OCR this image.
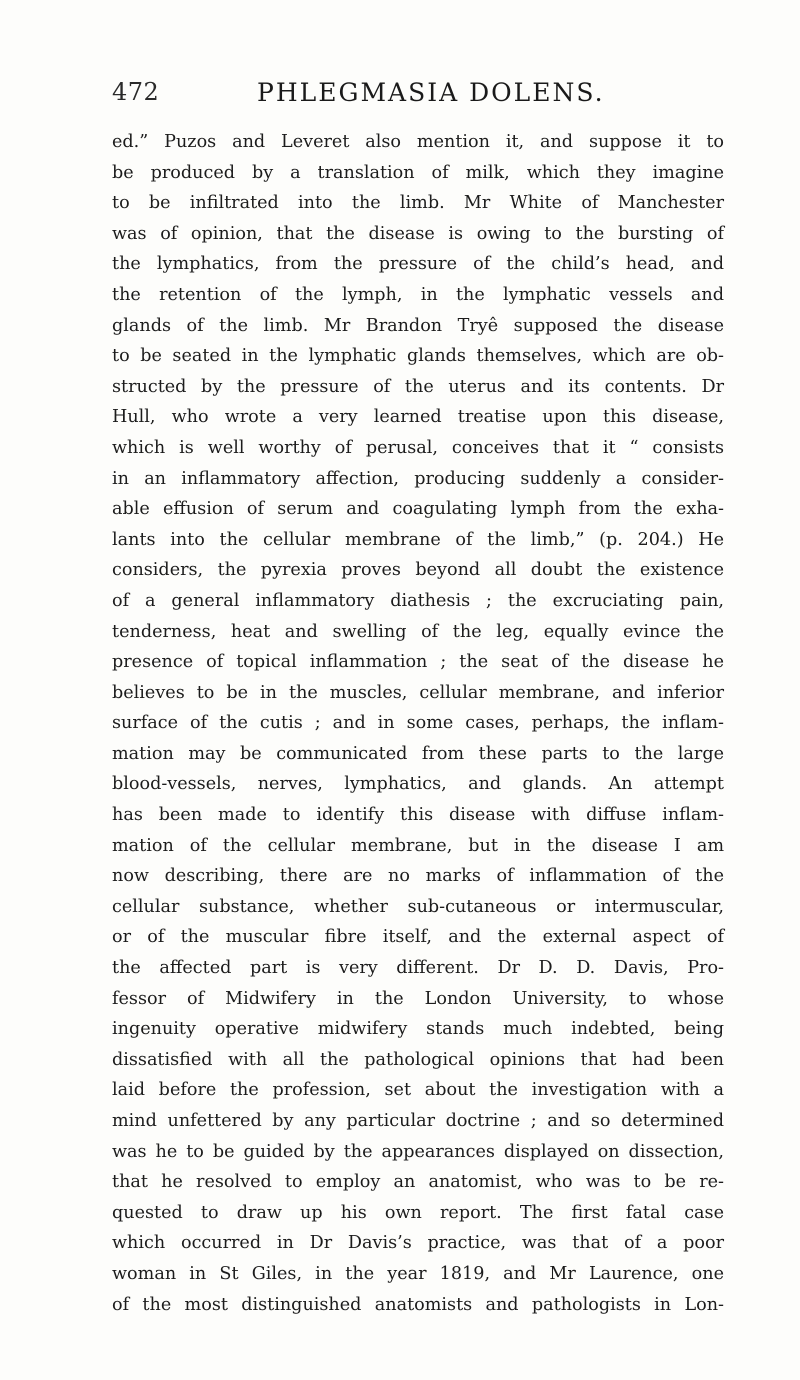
472	PHLEGMASIA DOLENS.
ed.” Puzos and Leveret also mention it, and suppose it to
be produced by a translation of milk, which they imagine
to be infiltrated into the limb. Mr White of Manchester
was of opinion, that the disease is owing to the bursting of
the lymphatics, from the pressure of the child’s head, and
the retention of the lymph, in the lymphatic vessels and
glands of the limb. Mr Brandon Tryê supposed the disease
to be seated in the lymphatic glands themselves, which are ob-
structed by the pressure of the uterus and its contents. Dr
Hull, who wrote a very learned treatise upon this disease,
which is well worthy of perusal, conceives that it “ consists
in an inflammatory affection, producing suddenly a consider-
able effusion of serum and coagulating lymph from the exha-
lants into the cellular membrane of the limb,” (p. 204.) He
considers, the pyrexia proves beyond all doubt the existence
of a general inflammatory diathesis ; the excruciating pain,
tenderness, heat and swelling of the leg, equally evince the
presence of topical inflammation ; the seat of the disease he
believes to be in the muscles, cellular membrane, and inferior
surface of the cutis ; and in some cases, perhaps, the inflam-
mation may be communicated from these parts to the large
blood-vessels, nerves, lymphatics, and glands. An attempt
has been made to identify this disease with diffuse inflam-
mation of the cellular membrane, but in the disease I am
now describing, there are no marks of inflammation of the
cellular substance, whether sub-cutaneous or intermuscular,
or of the muscular fibre itself, and the external aspect of
the affected part is very different. Dr D. D. Davis, Pro-
fessor of Midwifery in the London University, to whose
ingenuity operative midwifery stands much indebted, being
dissatisfied with all the pathological opinions that had been
laid before the profession, set about the investigation with a
mind unfettered by any particular doctrine ; and so determined
was he to be guided by the appearances displayed on dissection,
that he resolved to employ an anatomist, who was to be re-
quested to draw up his own report. The first fatal case
which occurred in Dr Davis’s practice, was that of a poor
woman in St Giles, in the year 1819, and Mr Laurence, one
of the most distinguished anatomists and pathologists in Lon-
